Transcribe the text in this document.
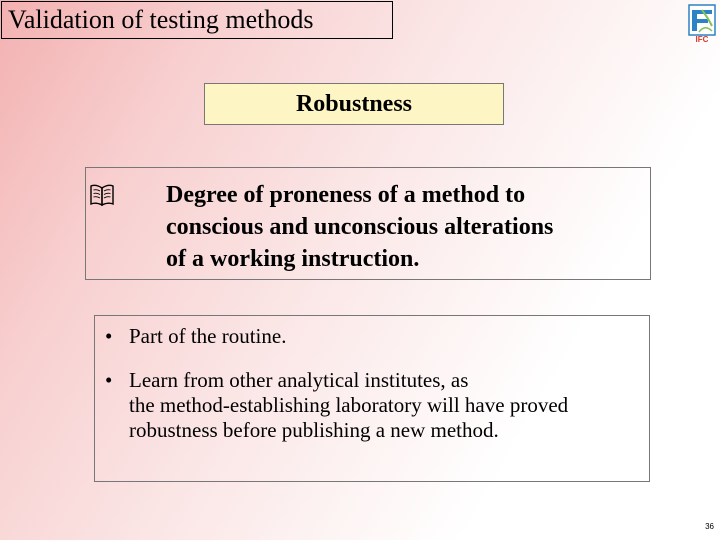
Validation of testing methods
IFC
Robustness
Degree of proneness of a method to
conscious and unconscious alterations
of a working instruction.
• Part of the routine.
• Learn from other analytical institutes, as
the method-establishing laboratory will have proved
robustness before publishing a new method.
36
